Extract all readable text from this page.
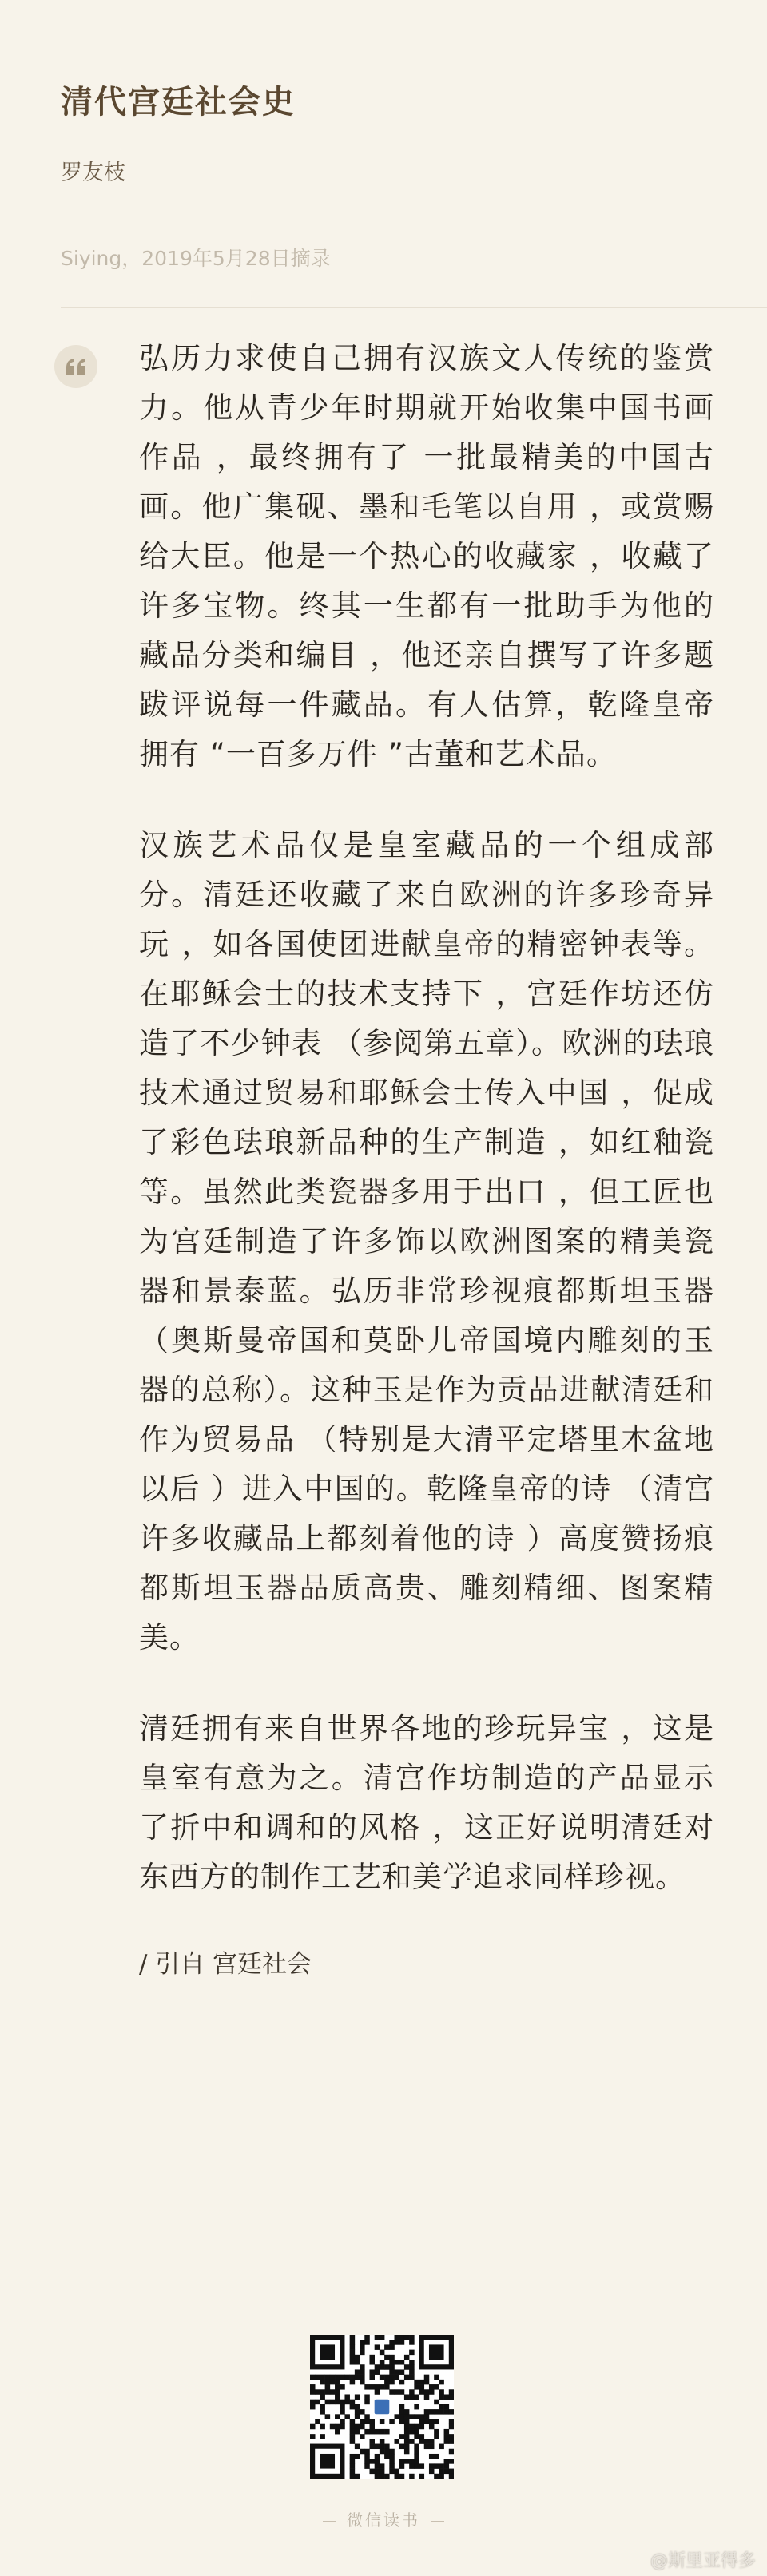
清代宫廷社会史
罗友枝
Siying，2019年5月28日摘录

弘历力求使自己拥有汉族文人传统的鉴赏力。他从青少年时期就开始收集中国书画作品 ，最终拥有了 一批最精美的中国古画。他广集砚、墨和毛笔以自用 ，或赏赐给大臣。他是一个热心的收藏家 ，收藏了许多宝物。终其一生都有一批助手为他的藏品分类和编目 ，他还亲自撰写了许多题跋评说每一件藏品。有人估算，乾隆皇帝拥有 “一百多万件 ”古董和艺术品。

汉族艺术品仅是皇室藏品的一个组成部分。清廷还收藏了来自欧洲的许多珍奇异玩 ，如各国使团进献皇帝的精密钟表等。在耶稣会士的技术支持下 ，宫廷作坊还仿造了不少钟表 （参阅第五章）。欧洲的珐琅技术通过贸易和耶稣会士传入中国 ，促成了彩色珐琅新品种的生产制造 ，如红釉瓷等。虽然此类瓷器多用于出口 ，但工匠也为宫廷制造了许多饰以欧洲图案的精美瓷器和景泰蓝。弘历非常珍视痕都斯坦玉器 （奥斯曼帝国和莫卧儿帝国境内雕刻的玉器的总称）。这种玉是作为贡品进献清廷和作为贸易品 （特别是大清平定塔里木盆地以后 ）进入中国的。乾隆皇帝的诗 （清宫许多收藏品上都刻着他的诗 ）高度赞扬痕都斯坦玉器品质高贵、雕刻精细、图案精美。

清廷拥有来自世界各地的珍玩异宝 ，这是皇室有意为之。清宫作坊制造的产品显示了折中和调和的风格 ，这正好说明清廷对东西方的制作工艺和美学追求同样珍视。

/ 引自 宫廷社会
微信读书
@斯里亚得多
